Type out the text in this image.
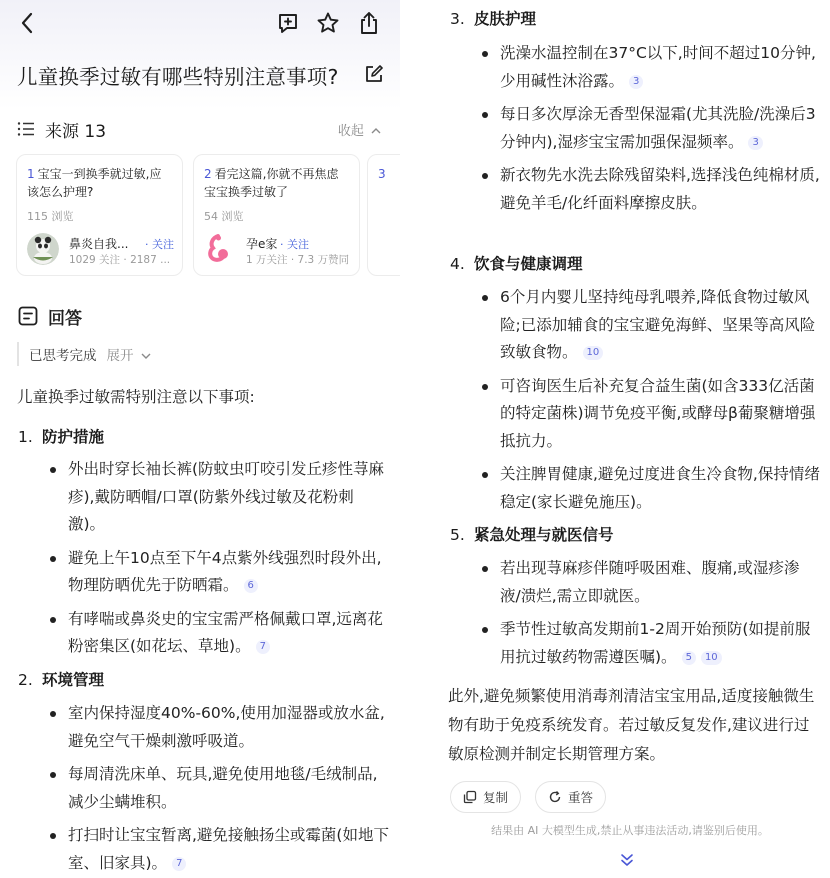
儿童换季过敏有哪些特别注意事项?
来源 13	收起
1 宝宝一到换季就过敏,应该怎么护理?
115 浏览
鼻炎自我... · 关注
1029 关注 · 2187 ...
2 看完这篇,你就不再焦虑宝宝换季过敏了
54 浏览
孕e家 · 关注
1 万关注 · 7.3 万赞同
3
回答
已思考完成 展开
儿童换季过敏需特别注意以下事项:
1. 防护措施
外出时穿长袖长裤(防蚊虫叮咬引发丘疹性荨麻疹),戴防晒帽/口罩(防紫外线过敏及花粉刺激)。
避免上午10点至下午4点紫外线强烈时段外出,物理防晒优先于防晒霜。 6
有哮喘或鼻炎史的宝宝需严格佩戴口罩,远离花粉密集区(如花坛、草地)。 7
2. 环境管理
室内保持湿度40%-60%,使用加湿器或放水盆,避免空气干燥刺激呼吸道。
每周清洗床单、玩具,避免使用地毯/毛绒制品,减少尘螨堆积。
打扫时让宝宝暂离,避免接触扬尘或霉菌(如地下室、旧家具)。 7
3. 皮肤护理
洗澡水温控制在37°C以下,时间不超过10分钟,少用碱性沐浴露。 3
每日多次厚涂无香型保湿霜(尤其洗脸/洗澡后3分钟内),湿疹宝宝需加强保湿频率。 3
新衣物先水洗去除残留染料,选择浅色纯棉材质,避免羊毛/化纤面料摩擦皮肤。
4. 饮食与健康调理
6个月内婴儿坚持纯母乳喂养,降低食物过敏风险;已添加辅食的宝宝避免海鲜、坚果等高风险致敏食物。 10
可咨询医生后补充复合益生菌(如含333亿活菌的特定菌株)调节免疫平衡,或酵母β葡聚糖增强抵抗力。
关注脾胃健康,避免过度进食生冷食物,保持情绪稳定(家长避免施压)。
5. 紧急处理与就医信号
若出现荨麻疹伴随呼吸困难、腹痛,或湿疹渗液/溃烂,需立即就医。
季节性过敏高发期前1-2周开始预防(如提前服用抗过敏药物需遵医嘱)。 5 10
此外,避免频繁使用消毒剂清洁宝宝用品,适度接触微生物有助于免疫系统发育。若过敏反复发作,建议进行过敏原检测并制定长期管理方案。
复制	重答
结果由 AI 大模型生成,禁止从事违法活动,请鉴别后使用。
